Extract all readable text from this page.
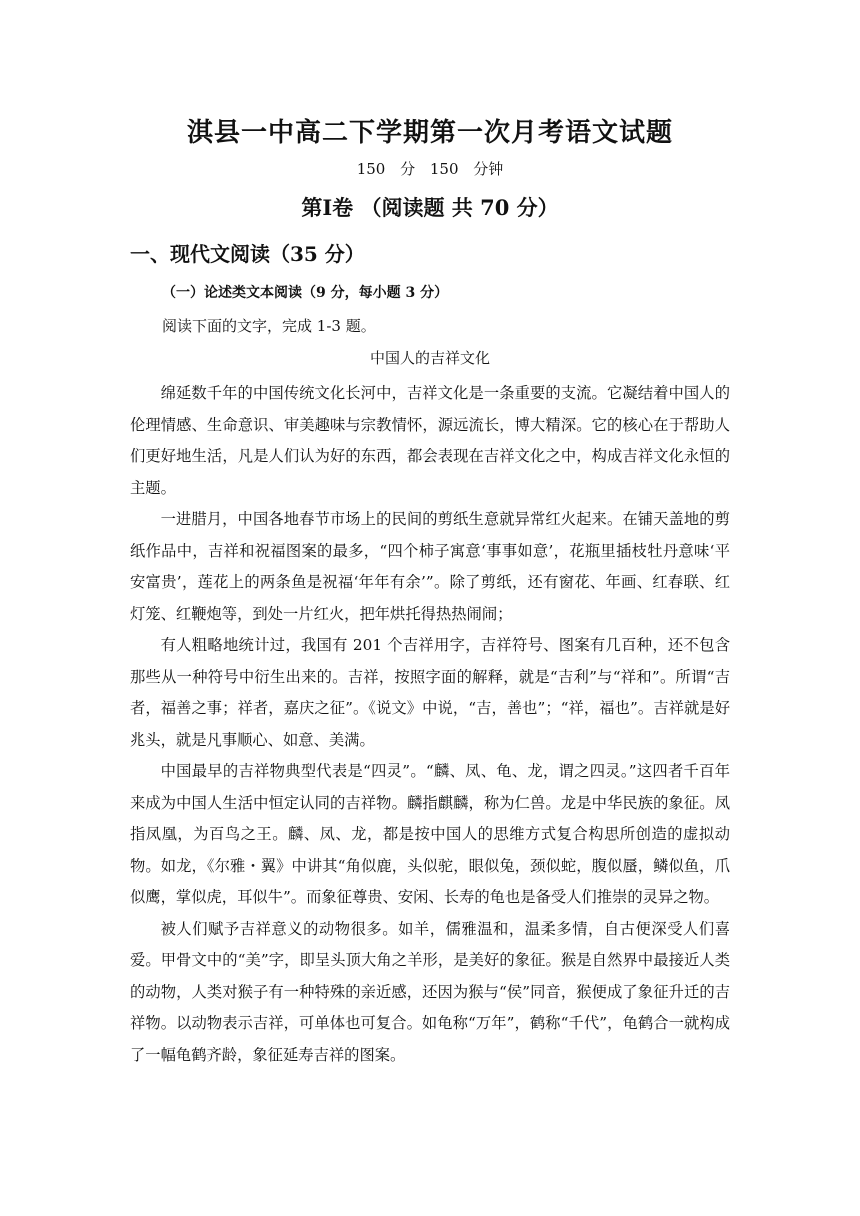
淇县一中高二下学期第一次月考语文试题
150 分 150 分钟
第Ⅰ卷 （阅读题 共 70 分）
一、现代文阅读（35 分）
（一）论述类文本阅读（9 分，每小题 3 分）
阅读下面的文字，完成 1-3 题。
中国人的吉祥文化

绵延数千年的中国传统文化长河中，吉祥文化是一条重要的支流。它凝结着中国人的伦理情感、生命意识、审美趣味与宗教情怀，源远流长，博大精深。它的核心在于帮助人们更好地生活，凡是人们认为好的东西，都会表现在吉祥文化之中，构成吉祥文化永恒的主题。

一进腊月，中国各地春节市场上的民间的剪纸生意就异常红火起来。在铺天盖地的剪纸作品中，吉祥和祝福图案的最多，“四个柿子寓意‘事事如意’，花瓶里插枝牡丹意味‘平安富贵’，莲花上的两条鱼是祝福‘年年有余’”。除了剪纸，还有窗花、年画、红春联、红灯笼、红鞭炮等，到处一片红火，把年烘托得热热闹闹；

有人粗略地统计过，我国有 201 个吉祥用字，吉祥符号、图案有几百种，还不包含那些从一种符号中衍生出来的。吉祥，按照字面的解释，就是“吉利”与“祥和”。所谓“吉者，福善之事；祥者，嘉庆之征”。《说文》中说，“吉，善也”；“祥，福也”。吉祥就是好兆头，就是凡事顺心、如意、美满。

中国最早的吉祥物典型代表是“四灵”。“麟、凤、龟、龙，谓之四灵。”这四者千百年来成为中国人生活中恒定认同的吉祥物。麟指麒麟，称为仁兽。龙是中华民族的象征。凤指凤凰，为百鸟之王。麟、凤、龙，都是按中国人的思维方式复合构思所创造的虚拟动物。如龙，《尔雅・翼》中讲其“角似鹿，头似驼，眼似兔，颈似蛇，腹似蜃，鳞似鱼，爪似鹰，掌似虎，耳似牛”。而象征尊贵、安闲、长寿的龟也是备受人们推崇的灵异之物。

被人们赋予吉祥意义的动物很多。如羊，儒雅温和，温柔多情，自古便深受人们喜爱。甲骨文中的“美”字，即呈头顶大角之羊形，是美好的象征。猴是自然界中最接近人类的动物，人类对猴子有一种特殊的亲近感，还因为猴与“侯”同音，猴便成了象征升迁的吉祥物。以动物表示吉祥，可单体也可复合。如龟称“万年”，鹤称“千代”，龟鹤合一就构成了一幅龟鹤齐龄，象征延寿吉祥的图案。
